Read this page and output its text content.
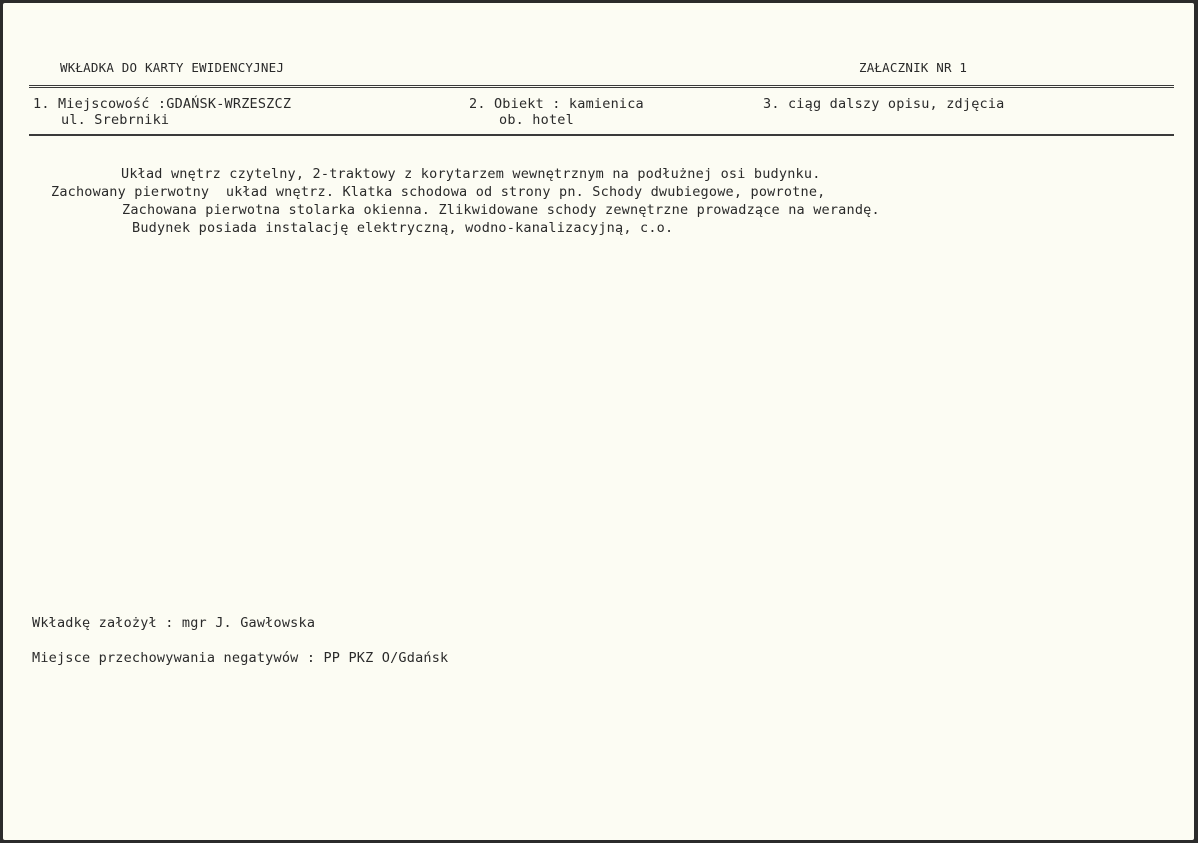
WKŁADKA DO KARTY EWIDENCYJNEJ	ZAŁACZNIK NR 1
1. Miejscowość :GDAŃSK-WRZESZCZ
ul. Srebrniki
2. Obiekt : kamienica
ob. hotel
3. ciąg dalszy opisu, zdjęcia
Układ wnętrz czytelny, 2-traktowy z korytarzem wewnętrznym na podłużnej osi budynku.
Zachowany pierwotny  układ wnętrz. Klatka schodowa od strony pn. Schody dwubiegowe, powrotne,
Zachowana pierwotna stolarka okienna. Zlikwidowane schody zewnętrzne prowadzące na werandę.
Budynek posiada instalację elektryczną, wodno-kanalizacyjną, c.o.
Wkładkę założył : mgr J. Gawłowska
Miejsce przechowywania negatywów : PP PKZ O/Gdańsk
